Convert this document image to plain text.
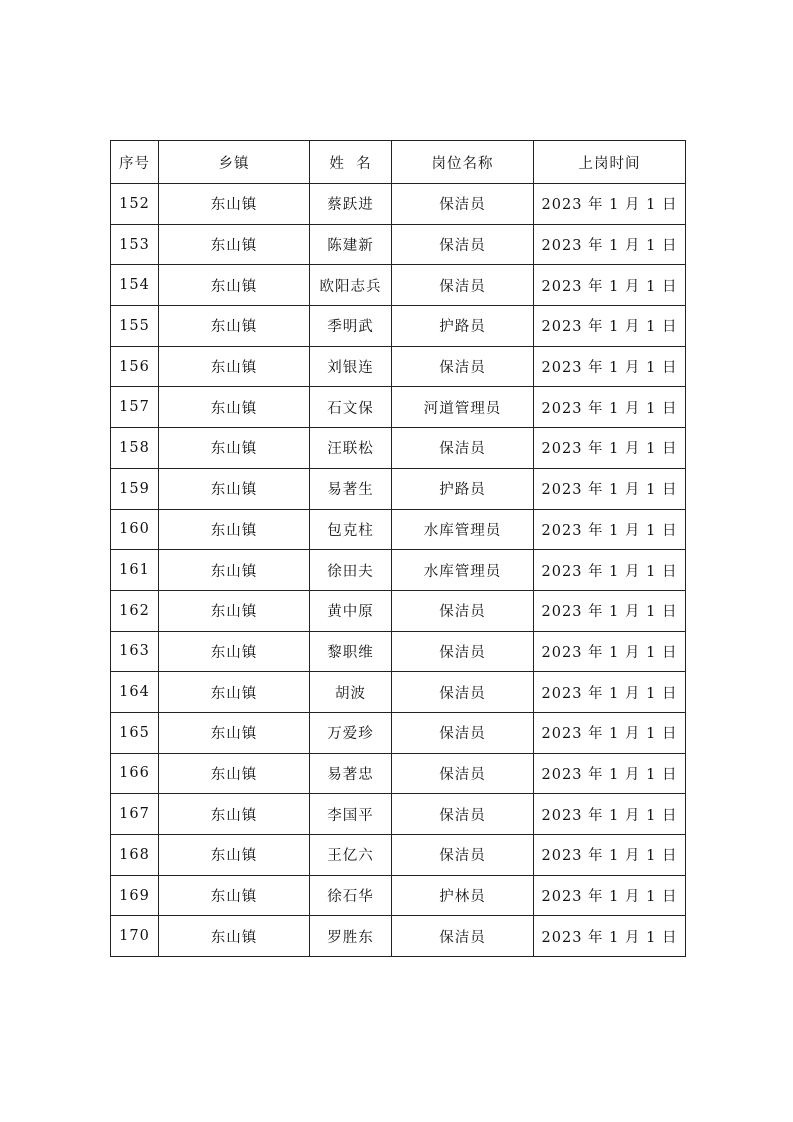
序号	乡镇	姓  名	岗位名称	上岗时间
152	东山镇	蔡跃进	保洁员	2023 年 1 月 1 日
153	东山镇	陈建新	保洁员	2023 年 1 月 1 日
154	东山镇	欧阳志兵	保洁员	2023 年 1 月 1 日
155	东山镇	季明武	护路员	2023 年 1 月 1 日
156	东山镇	刘银连	保洁员	2023 年 1 月 1 日
157	东山镇	石文保	河道管理员	2023 年 1 月 1 日
158	东山镇	汪联松	保洁员	2023 年 1 月 1 日
159	东山镇	易著生	护路员	2023 年 1 月 1 日
160	东山镇	包克柱	水库管理员	2023 年 1 月 1 日
161	东山镇	徐田夫	水库管理员	2023 年 1 月 1 日
162	东山镇	黄中原	保洁员	2023 年 1 月 1 日
163	东山镇	黎职维	保洁员	2023 年 1 月 1 日
164	东山镇	胡波	保洁员	2023 年 1 月 1 日
165	东山镇	万爱珍	保洁员	2023 年 1 月 1 日
166	东山镇	易著忠	保洁员	2023 年 1 月 1 日
167	东山镇	李国平	保洁员	2023 年 1 月 1 日
168	东山镇	王亿六	保洁员	2023 年 1 月 1 日
169	东山镇	徐石华	护林员	2023 年 1 月 1 日
170	东山镇	罗胜东	保洁员	2023 年 1 月 1 日
